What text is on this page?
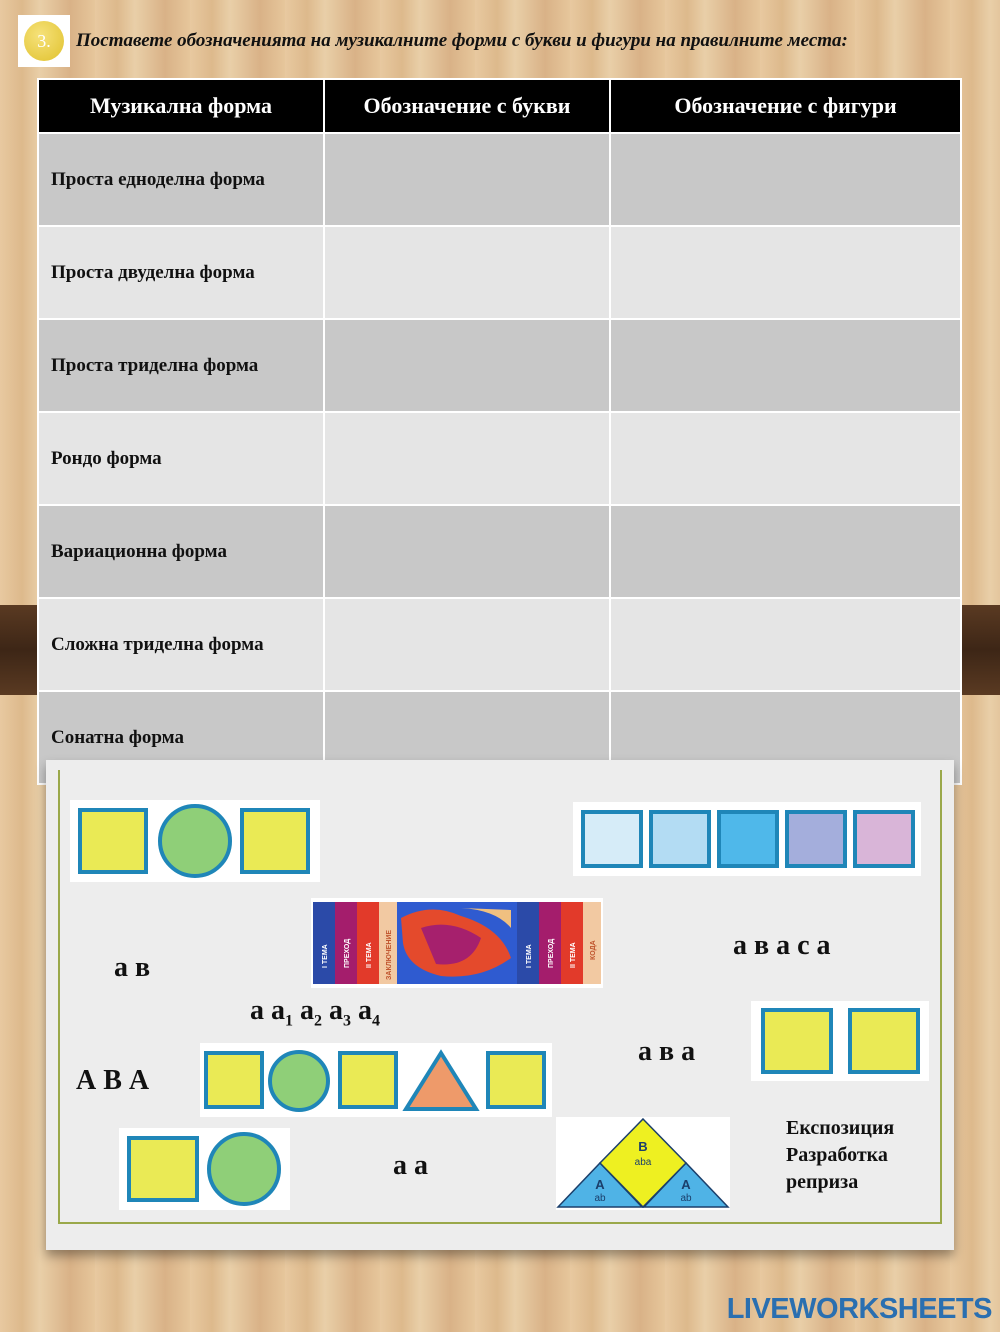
3.	Поставете обозначенията на музикалните форми с букви и фигури на правилните места:
Музикална форма	Обозначение с букви	Обозначение с фигури
Проста едноделна форма		
Проста двуделна форма		
Проста триделна форма		
Рондо форма		
Вариационна форма		
Сложна триделна форма		
Сонатна форма		
I ТЕМА ПРЕХОД II ТЕМА ЗАКЛЮЧЕНИЕ	I ТЕМА ПРЕХОД II ТЕМА КОДА	а в а с а
а в
а $а_1$ $а_2$ $а_3$ $а_4$
а в а
А В А
а а
B
aba
A
ab
A
ab
Експозиция
Разработка
реприза
LIVEWORKSHEETS
